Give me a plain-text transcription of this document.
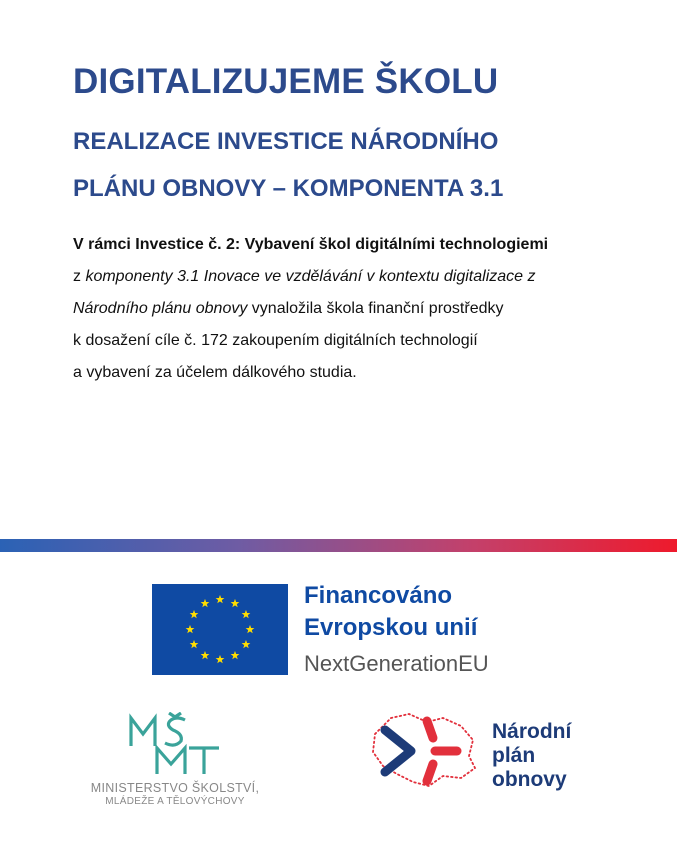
DIGITALIZUJEME ŠKOLU
REALIZACE INVESTICE NÁRODNÍHO
PLÁNU OBNOVY – KOMPONENTA 3.1
V rámci Investice č. 2: Vybavení škol digitálními technologiemi
z komponenty 3.1 Inovace ve vzdělávání v kontextu digitalizace z
Národního plánu obnovy vynaložila škola finanční prostředky
k dosažení cíle č. 172 zakoupením digitálních technologií
a vybavení za účelem dálkového studia.

Financováno

Evropskou unií

NextGenerationEU

MINISTERSTVO ŠKOLSTVÍ,

MLÁDEŽE A TĚLOVÝCHOVY

Národní

plán

obnovy
